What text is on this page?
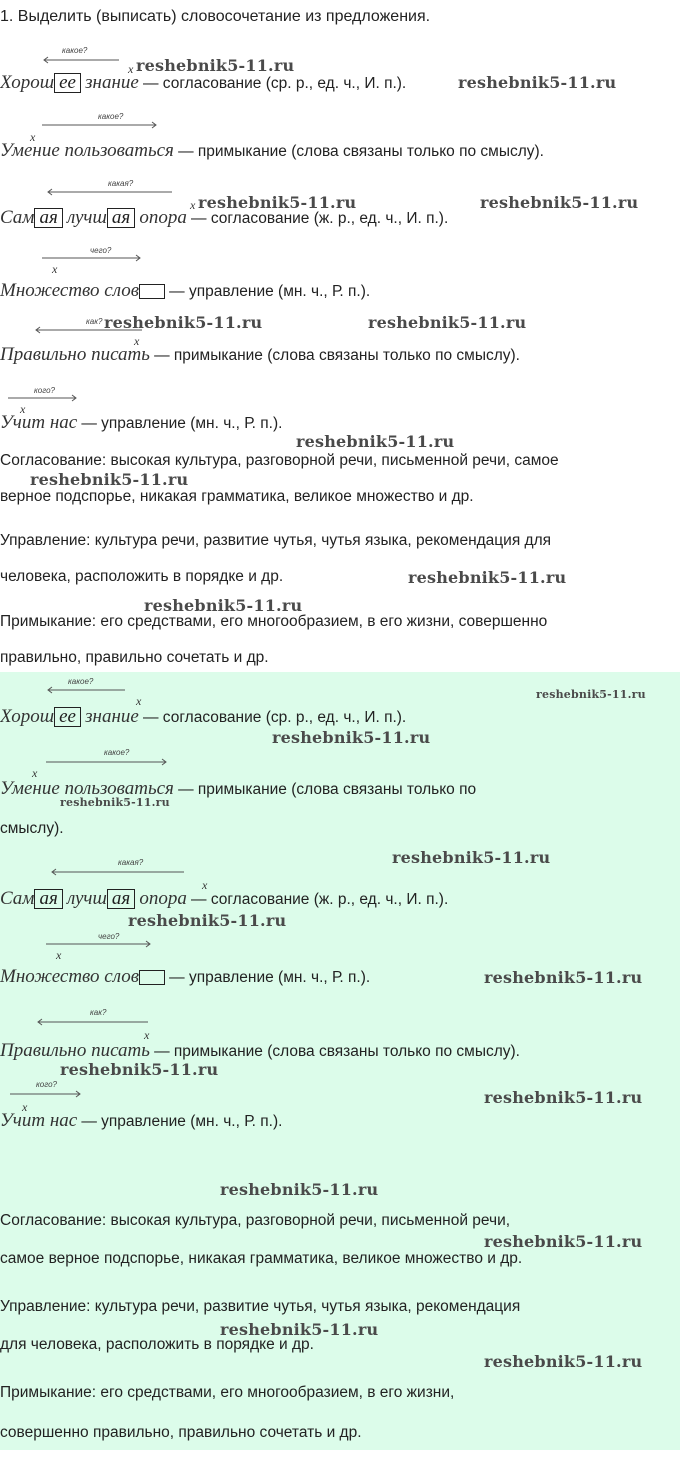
1. Выделить (выписать) словосочетание из предложения.
какое?
х reshebnik5-11.ru
Хорош ее знание — согласование (ср. р., ед. ч., И. п.).	reshebnik5-11.ru
какое?
х
Умение пользоваться — примыкание (слова связаны только по смыслу).
какая?
х reshebnik5-11.ru	reshebnik5-11.ru
Сам ая лучш ая опора — согласование (ж. р., ед. ч., И. п.).
чего?
х
Множество слов — управление (мн. ч., Р. п.).
как? reshebnik5-11.ru	reshebnik5-11.ru
х
Правильно писать — примыкание (слова связаны только по смыслу).
кого?
х
Учит нас — управление (мн. ч., Р. п.).
reshebnik5-11.ru
Согласование: высокая культура, разговорной речи, письменной речи, самое
reshebnik5-11.ru
верное подспорье, никакая грамматика, великое множество и др.
Управление: культура речи, развитие чутья, чутья языка, рекомендация для
человека, расположить в порядке и др.	reshebnik5-11.ru
reshebnik5-11.ru
Примыкание: его средствами, его многообразием, в его жизни, совершенно
правильно, правильно сочетать и др.
какое?
reshebnik5-11.ru
х
Хорош ее знание — согласование (ср. р., ед. ч., И. п.).
reshebnik5-11.ru
какое?
х
Умение пользоваться — примыкание (слова связаны только по
reshebnik5-11.ru
смыслу).
reshebnik5-11.ru
какая?
х
Сам ая лучш ая опора — согласование (ж. р., ед. ч., И. п.).
reshebnik5-11.ru
чего?
х
Множество слов — управление (мн. ч., Р. п.).	reshebnik5-11.ru
как?
х
Правильно писать — примыкание (слова связаны только по смыслу).
reshebnik5-11.ru
кого?
reshebnik5-11.ru
х
Учит нас — управление (мн. ч., Р. п.).
reshebnik5-11.ru
Согласование: высокая культура, разговорной речи, письменной речи,
reshebnik5-11.ru
самое верное подспорье, никакая грамматика, великое множество и др.
Управление: культура речи, развитие чутья, чутья языка, рекомендация
reshebnik5-11.ru
для человека, расположить в порядке и др.
reshebnik5-11.ru
Примыкание: его средствами, его многообразием, в его жизни,
совершенно правильно, правильно сочетать и др.
